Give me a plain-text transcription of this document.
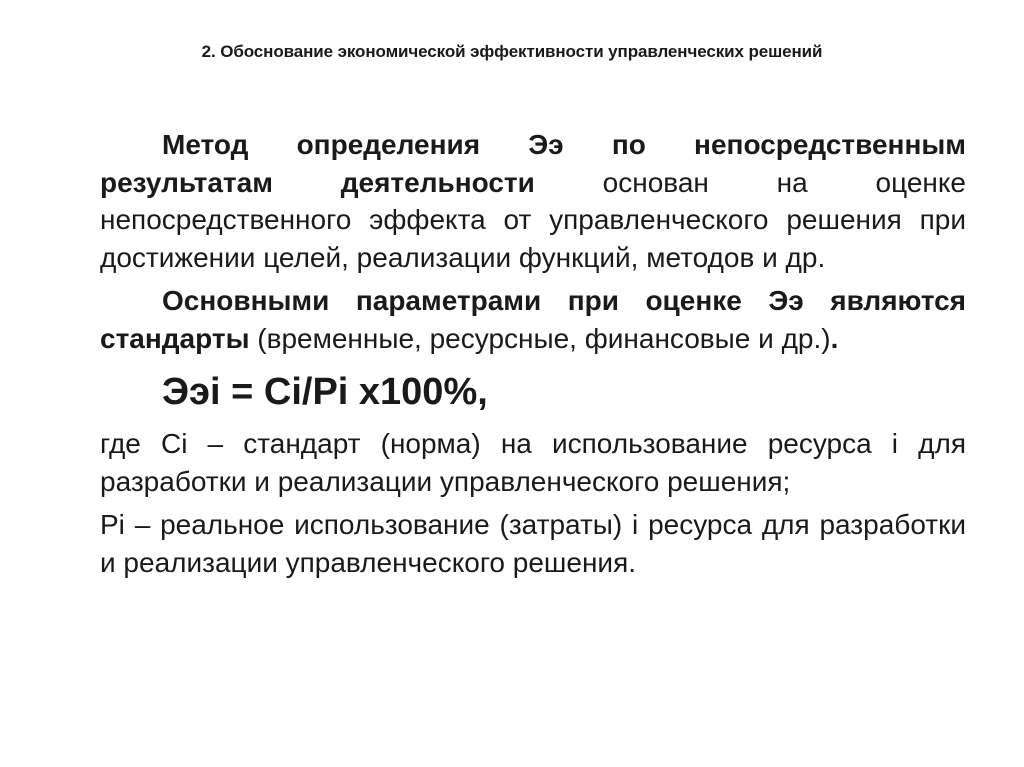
2. Обоснование экономической эффективности управленческих решений

Метод определения Ээ по непосредственным результатам деятельности основан на оценке непосредственного эффекта от управленческого решения при достижении целей, реализации функций, методов и др.

Основными параметрами при оценке Ээ являются стандарты (временные, ресурсные, финансовые и др.).

Ээi = Ci/Pi x100%,

где Ci – стандарт (норма) на использование ресурса i для разработки и реализации управленческого решения;

Pi – реальное использование (затраты) i ресурса для разработки и реализации управленческого решения.
